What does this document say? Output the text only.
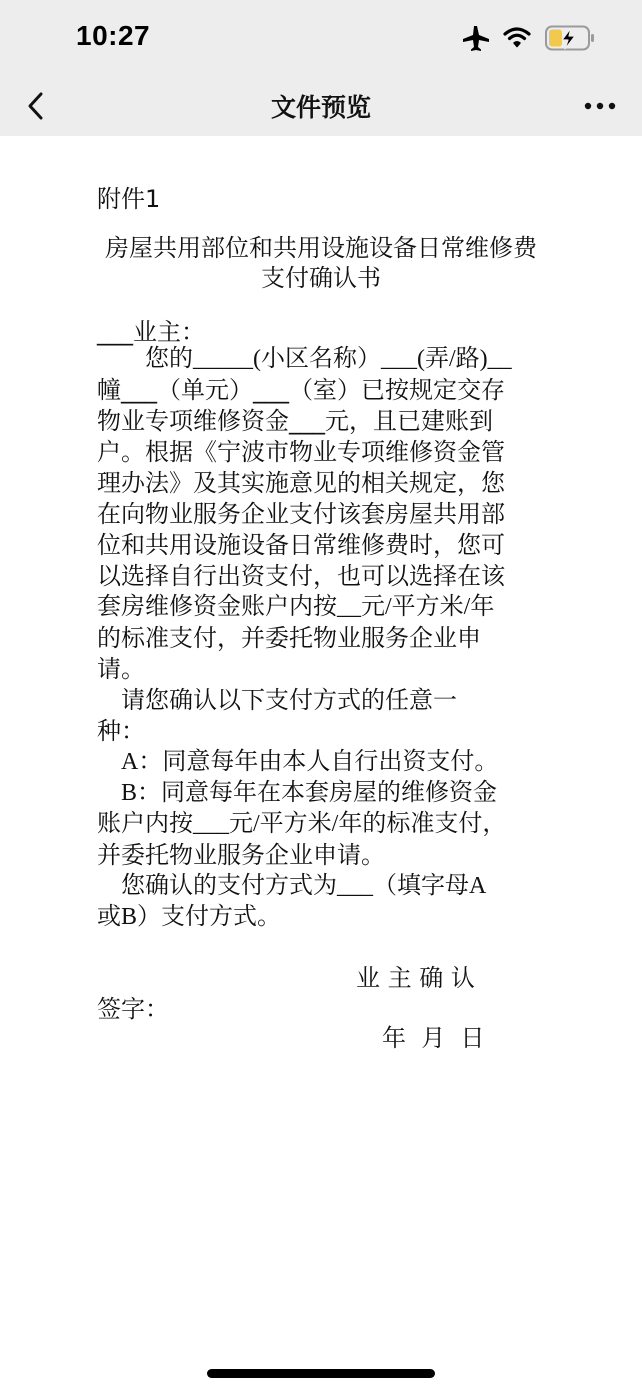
10:27
文件预览
附件1
房屋共用部位和共用设施设备日常维修费
支付确认书
___业主：
　　您的_____(小区名称）___(弄/路)__
幢___（单元）___（室）已按规定交存
物业专项维修资金___元，且已建账到
户。根据《宁波市物业专项维修资金管
理办法》及其实施意见的相关规定，您
在向物业服务企业支付该套房屋共用部
位和共用设施设备日常维修费时，您可
以选择自行出资支付，也可以选择在该
套房维修资金账户内按__元/平方米/年
的标准支付，并委托物业服务企业申
请。
　请您确认以下支付方式的任意一
种：
　A：同意每年由本人自行出资支付。
　B：同意每年在本套房屋的维修资金
账户内按___元/平方米/年的标准支付，
并委托物业服务企业申请。
　您确认的支付方式为___（填字母A
或B）支付方式。
业 主 确 认
签字：
年  月  日
